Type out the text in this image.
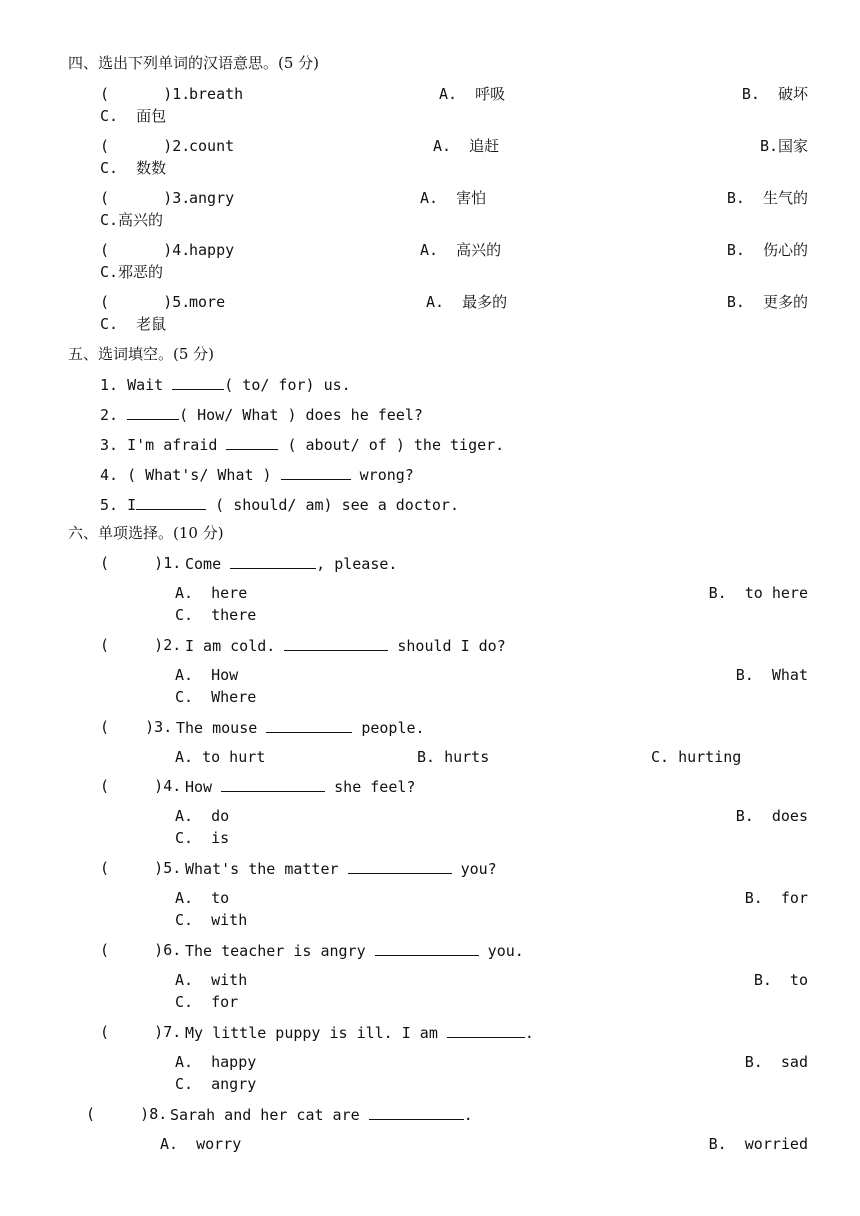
四、选出下列单词的汉语意思。(5 分)
(      )1.
breath	A.  呼吸	B.  破坏
C.  面包
(      )2.
count	A.  追赶	B.国家
C.  数数
(      )3.
angry	A.  害怕	B.  生气的
C.高兴的
(      )4.
happy	A.  高兴的	B.  伤心的
C.邪恶的
(      )5.
more	A.  最多的	B.  更多的
C.  老鼠
五、选词填空。(5 分)
1. Wait	( to/ for) us.
2.	( How/ What ) does he feel?
3. I'm afraid	( about/ of ) the tiger.
4. ( What's/ What )	wrong?
5. I	( should/ am) see a doctor.
六、单项选择。(10 分)
(     )1. Come	, please.
A.  here	B.  to here
C.  there
(     )2. I am cold.	should I do?
A.  How	B.  What
C.  Where
(    )3. The mouse	people.
A. to hurt	B. hurts	C. hurting
(     )4. How	she feel?
A.  do	B.  does
C.  is
(     )5. What's the matter	you?
A.  to	B.  for
C.  with
(     )6. The teacher is angry	you.
A.  with	B.  to
C.  for
(     )7. My little puppy is ill. I am	.
A.  happy	B.  sad
C.  angry
(     )8. Sarah and her cat are	.
A.  worry	B.  worried
